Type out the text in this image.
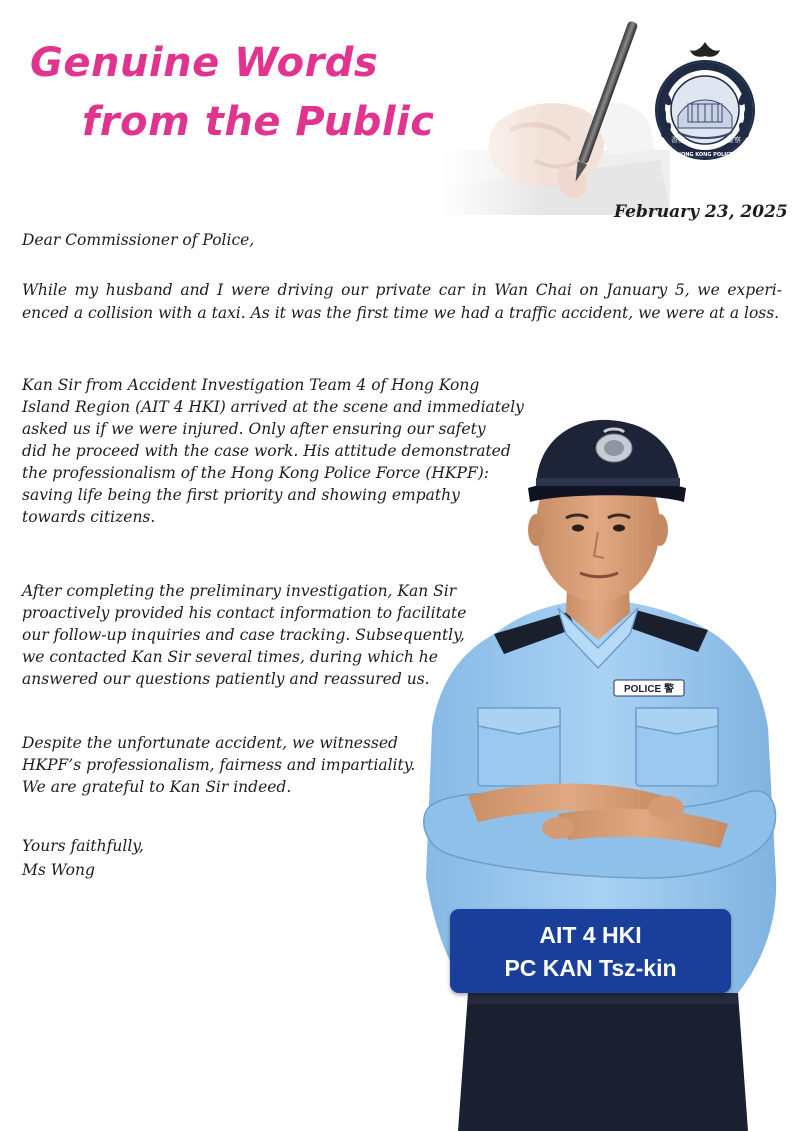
Genuine Words
from the Public	香港	警察
HONG KONG POLICE

February 23, 2025

Dear Commissioner of Police,

While my husband and I were driving our private car in Wan Chai on January 5, we experi- enced a collision with a taxi. As it was the first time we had a traffic accident, we were at a loss.

Kan Sir from Accident Investigation Team 4 of Hong Kong
Island Region (AIT 4 HKI) arrived at the scene and immediately
asked us if we were injured. Only after ensuring our safety
did he proceed with the case work. His attitude demonstrated
the professionalism of the Hong Kong Police Force (HKPF):
saving life being the first priority and showing empathy
towards citizens.
After completing the preliminary investigation, Kan Sir
proactively provided his contact information to facilitate
our follow-up inquiries and case tracking. Subsequently,
we contacted Kan Sir several times, during which he
answered our questions patiently and reassured us.
Despite the unfortunate accident, we witnessed
HKPF’s professionalism, fairness and impartiality.
We are grateful to Kan Sir indeed.

Yours faithfully,

Ms Wong

POLICE 警

AIT 4 HKI

PC KAN Tsz-kin
